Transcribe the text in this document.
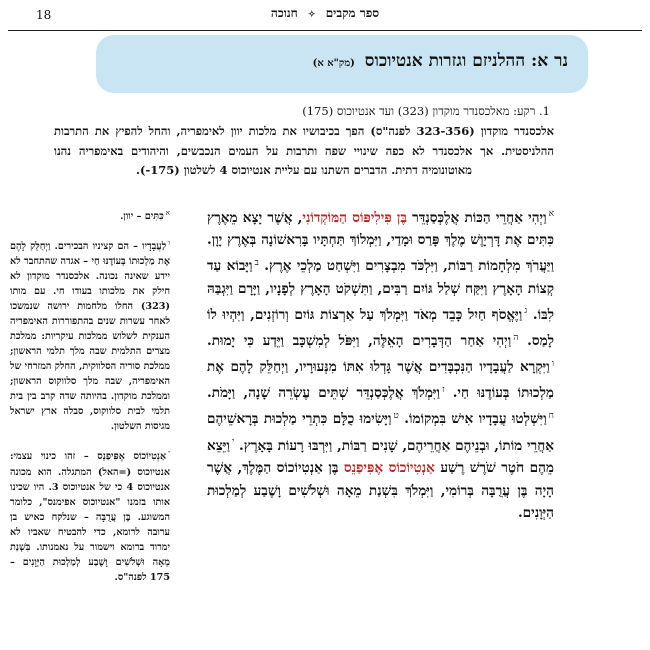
18	ספר מקבים ✧ חנוכה
נר א: ההלניזם וגזרות אנטיוכוס (מק"א א)
1. רקע: מאלכסנדר מוקדון (323) ועד אנטיוכוס (175)
אלכסנדר מוקדון (323-356 לפנה"ס) הפך בכיבושיו את מלכות יוון לאימפריה, והחל להפיץ את התרבות ההלניסטית. אך אלכסנדר לא כפה שינויי שפה ותרבות על העמים הנכבשים, והיהודים באימפריה נהנו מאוטונומיה דתית. הדברים השתנו עם עליית אנטיוכוס 4 לשלטון (175-).

$^א$וַיְהִי אַחֲרֵי הַכּוֹת אֲלֶכְּסַנְדֵּר בֶּן פִּילִיפּוֹס הַמּוֹקְדוֹנִי, אֲשֶׁר יָצָא מֵאֶרֶץ כִּתִּים אֶת דָּרְיָוֶשׁ מֶלֶךְ פָּרַס וּמָדַי, וַיִּמְלוֹךְ תַּחְתָּיו בָּרִאשׁוֹנָה בְּאֶרֶץ יָוָן. וַיַּעֲרֹךְ מִלְחָמוֹת רַבּוֹת, וַיִּלְכֹּד מִבְצָרִים וַיִּשְׁחַט מַלְכֵי אֶרֶץ. $^ב$וַיָּבוֹא עַד קְצוֹת הָאָרֶץ וַיִּקַּח שְׁלַל גּוֹיִם רַבִּים, וַתִּשְׁקֹט הָאָרֶץ לְפָנָיו, וַיָּרָם וַיִּגְבַּהּ לִבּוֹ. $^ג$וַיֶּאֱסֹף חַיִל כָּבֵד מְאֹד וַיִּמְלֹךְ עַל אַרְצוֹת גּוֹיִם וְרוֹזְנִים, וַיִּהְיוּ לוֹ לָמַס. $^ה$וַיְהִי אַחַר הַדְּבָרִים הָאֵלֶּה, וַיִּפֹּל לְמִשְׁכָּב וַיֵּדַע כִּי יָמוּת. $^ו$וַיִּקְרָא לַעֲבָדָיו הַנִּכְבָּדִים אֲשֶׁר גָּדְלוּ אִתּוֹ מִנְּעוּרָיו, וַיְחַלֵּק לָהֶם אֶת מַלְכוּתוֹ בְּעוֹדֶנּוּ חַי. $^ז$וַיִּמְלֹךְ אֲלֶכְּסַנְדֵּר שְׁתֵּים עֶשְׂרֵה שָׁנָה, וַיָּמֹת. $^ח$וַיִּשְׁלְטוּ עֲבָדָיו אִישׁ בִּמְקוֹמוֹ. $^ט$וַיָּשִׂימוּ כֻלָּם כִּתְרֵי מַלְכוּת בְּרָאשֵׁיהֶם אַחֲרֵי מוֹתוֹ, וּבְנֵיהֶם אַחֲרֵיהֶם, שָׁנִים רַבּוֹת, וַיִּרְבּוּ רָעוֹת בָּאָרֶץ. $^י$וַיֵּצֵא מֵהֶם חֹטֶר שֹׁרֶשׁ רֶשַׁע אַנְטִיוֹכוֹס אֶפִּיפַנֵס בֶּן אַנְטִיוֹכוֹס הַמֶּלֶךְ, אֲשֶׁר הָיָה בֶּן עֲרֻבָּה בְּרוֹמִי, וַיִּמְלֹךְ בִּשְׁנַת מֵאָה וּשְׁלֹשִׁים וָשֶׁבַע לְמַלְכוּת הַיְּוָנִים.

$^א$כִּתִּים – יוון.

$^ו$לַעֲבָדָיו – הם קציניו הבכירים. וַיְחַלֵּק לָהֶם אֶת מַלְכוּתוֹ בְּעוֹדֶנּוּ חַי – אגדה שהתחבר לא יידע שאינה נכונה. אלכסנדר מוקדון לא חילק את מלכותו בעודו חי. עם מותו (323) החלו מלחמות ירושה שנמשכו לאחר עשרות שנים בהתפוררות האימפריה הענקית לשלוש ממלכות עיקריות: ממלכת מצרים התלמית שבה מלך תלמי הראשון; ממלכת סוריה הסלווקית, החלק המזרחי של האימפריה, שבה מלך סלווקוס הראשון; וממלכת מוקדון. בהיותה שדה קרב בין בית תלמי לבית סלווקוס, סבלה ארץ ישראל מגיסות השלטון.

$^י$אַנְטִיוֹכוֹס אֶפִּיפַנֵס – זהו כינוי עצמי: אנטיוכוס (=האל) המתגלה. הוא מכונה אנטיוכוס 4 כי של אנטיוכוס 3. היו שכינו אותו בזמנו "אנטיוכוס אפימנס", כלומר המשוגע. בֶּן עֲרֻבָּה – שנלקח כאיש בן ערובה לרומא, כדי להבטיח שאביו לא ימרוד ברומא וישמור על נאמנותו. בִּשְׁנַת מֵאָה וּשְׁלֹשִׁים וָשֶׁבַע לְמַלְכוּת הַיְּוָנִים – 175 לפנה"ס.
